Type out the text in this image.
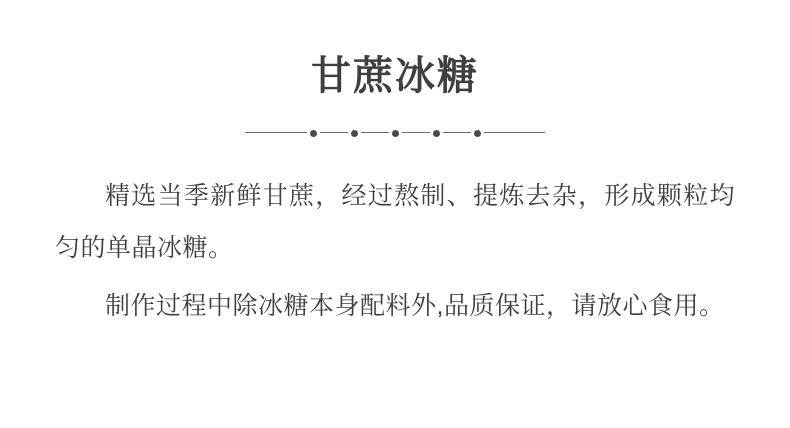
甘蔗冰糖

精选当季新鲜甘蔗，经过熬制、提炼去杂，形成颗粒均匀的单晶冰糖。

制作过程中除冰糖本身配料外,品质保证，请放心食用。
